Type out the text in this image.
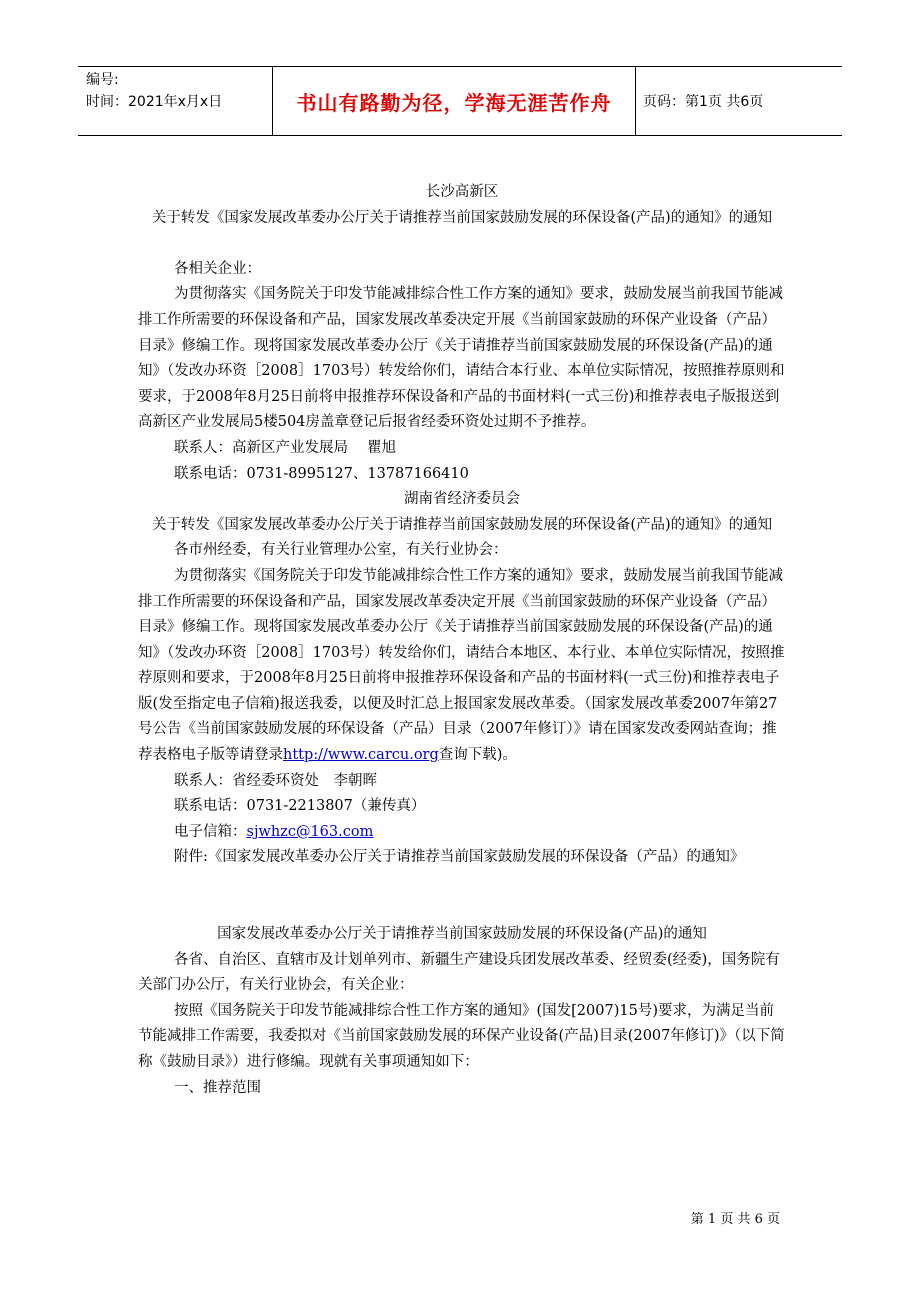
编号:
时间：2021年x月x日	书山有路勤为径，学海无涯苦作舟	页码：第1页 共6页

长沙高新区

关于转发《国家发展改革委办公厅关于请推荐当前国家鼓励发展的环保设备(产品)的通知》的通知

各相关企业：

为贯彻落实《国务院关于印发节能减排综合性工作方案的通知》要求，鼓励发展当前我国节能减排工作所需要的环保设备和产品，国家发展改革委决定开展《当前国家鼓励的环保产业设备（产品）目录》修编工作。现将国家发展改革委办公厅《关于请推荐当前国家鼓励发展的环保设备(产品)的通知》（发改办环资［2008］1703号）转发给你们，请结合本行业、本单位实际情况，按照推荐原则和要求，于2008年8月25日前将申报推荐环保设备和产品的书面材料(一式三份)和推荐表电子版报送到高新区产业发展局5楼504房盖章登记后报省经委环资处过期不予推荐。

联系人：高新区产业发展局　 瞿旭

联系电话：0731-8995127、13787166410

湖南省经济委员会

关于转发《国家发展改革委办公厅关于请推荐当前国家鼓励发展的环保设备(产品)的通知》的通知

各市州经委，有关行业管理办公室，有关行业协会：

为贯彻落实《国务院关于印发节能减排综合性工作方案的通知》要求，鼓励发展当前我国节能减排工作所需要的环保设备和产品，国家发展改革委决定开展《当前国家鼓励的环保产业设备（产品）目录》修编工作。现将国家发展改革委办公厅《关于请推荐当前国家鼓励发展的环保设备(产品)的通知》（发改办环资［2008］1703号）转发给你们，请结合本地区、本行业、本单位实际情况，按照推荐原则和要求，于2008年8月25日前将申报推荐环保设备和产品的书面材料(一式三份)和推荐表电子版(发至指定电子信箱)报送我委，以便及时汇总上报国家发展改革委。（国家发展改革委2007年第27号公告《当前国家鼓励发展的环保设备（产品）目录（2007年修订）》请在国家发改委网站查询；推荐表格电子版等请登录http://www.carcu.org查询下载)。

联系人：省经委环资处　李朝晖

联系电话：0731-2213807（兼传真）

电子信箱：sjwhzc@163.com

附件:《国家发展改革委办公厅关于请推荐当前国家鼓励发展的环保设备（产品）的通知》

国家发展改革委办公厅关于请推荐当前国家鼓励发展的环保设备(产品)的通知

各省、自治区、直辖市及计划单列市、新疆生产建设兵团发展改革委、经贸委(经委)，国务院有关部门办公厅，有关行业协会，有关企业：

按照《国务院关于印发节能减排综合性工作方案的通知》(国发[2007)15号)要求，为满足当前节能减排工作需要，我委拟对《当前国家鼓励发展的环保产业设备(产品)目录(2007年修订)》（以下简称《鼓励目录》）进行修编。现就有关事项通知如下：

一、推荐范围

第 1 页 共 6 页
